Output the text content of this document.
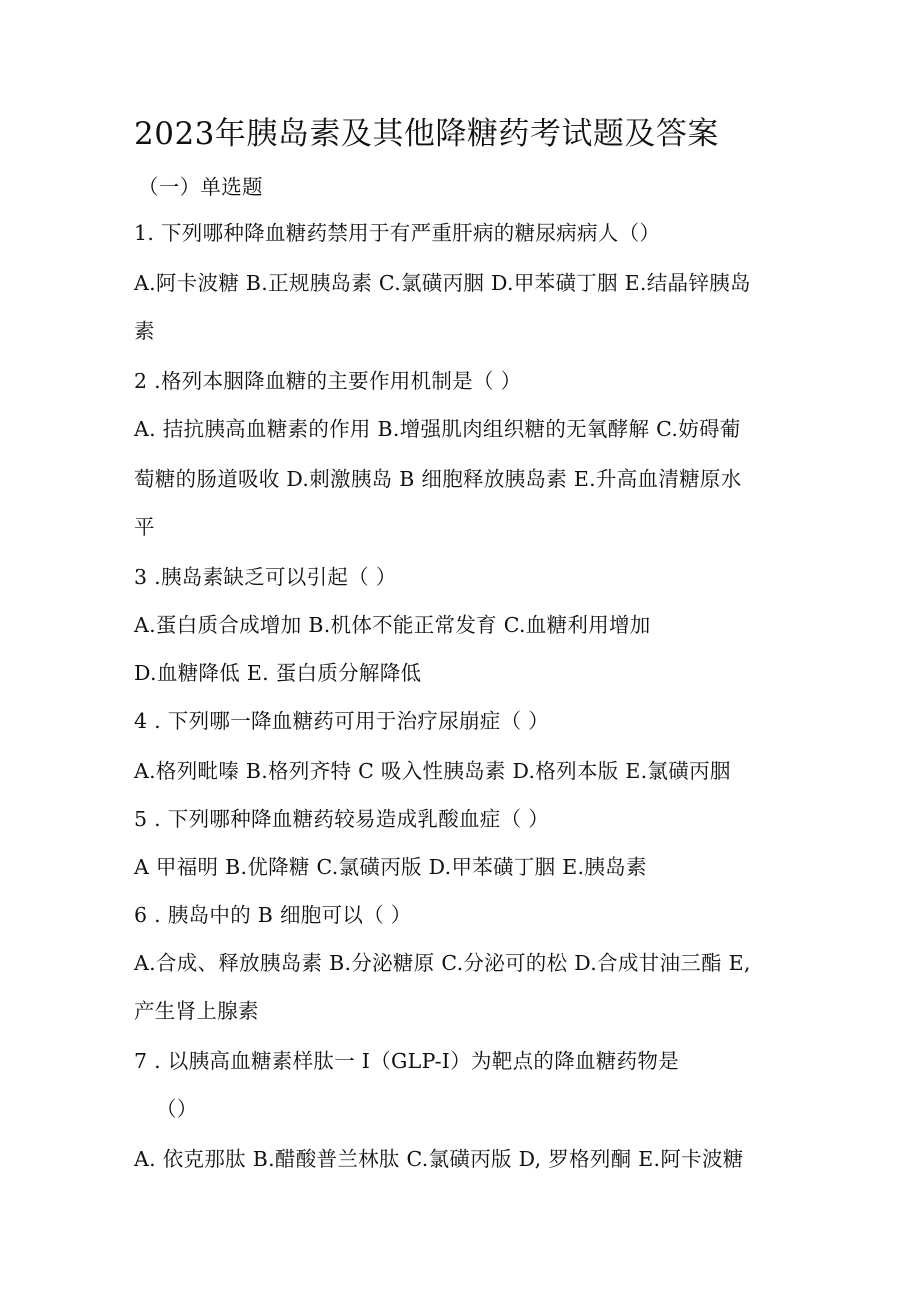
2023年胰岛素及其他降糖药考试题及答案
（一）单选题
1. 下列哪种降血糖药禁用于有严重肝病的糖尿病病人（）
A.阿卡波糖 B.正规胰岛素 C.氯磺丙胭 D.甲苯磺丁胭 E.结晶锌胰岛
素
2 .格列本胭降血糖的主要作用机制是（ ）
A. 拮抗胰高血糖素的作用 B.增强肌肉组织糖的无氧酵解 C.妨碍葡
萄糖的肠道吸收 D.刺激胰岛 B 细胞释放胰岛素 E.升高血清糖原水
平
3 .胰岛素缺乏可以引起（ ）
A.蛋白质合成增加 B.机体不能正常发育 C.血糖利用增加
D.血糖降低 E. 蛋白质分解降低
4 . 下列哪一降血糖药可用于治疗尿崩症（ ）
A.格列毗嗪 B.格列齐特 C 吸入性胰岛素 D.格列本版 E.氯磺丙胭
5 . 下列哪种降血糖药较易造成乳酸血症（ ）
A 甲福明 B.优降糖 C.氯磺丙版 D.甲苯磺丁胭 E.胰岛素
6 . 胰岛中的 B 细胞可以（ ）
A.合成、释放胰岛素 B.分泌糖原 C.分泌可的松 D.合成甘油三酯 E,
产生肾上腺素
7 . 以胰高血糖素样肽一 I（GLP-I）为靶点的降血糖药物是
（）
A. 依克那肽 B.醋酸普兰林肽 C.氯磺丙版 D, 罗格列酮 E.阿卡波糖
